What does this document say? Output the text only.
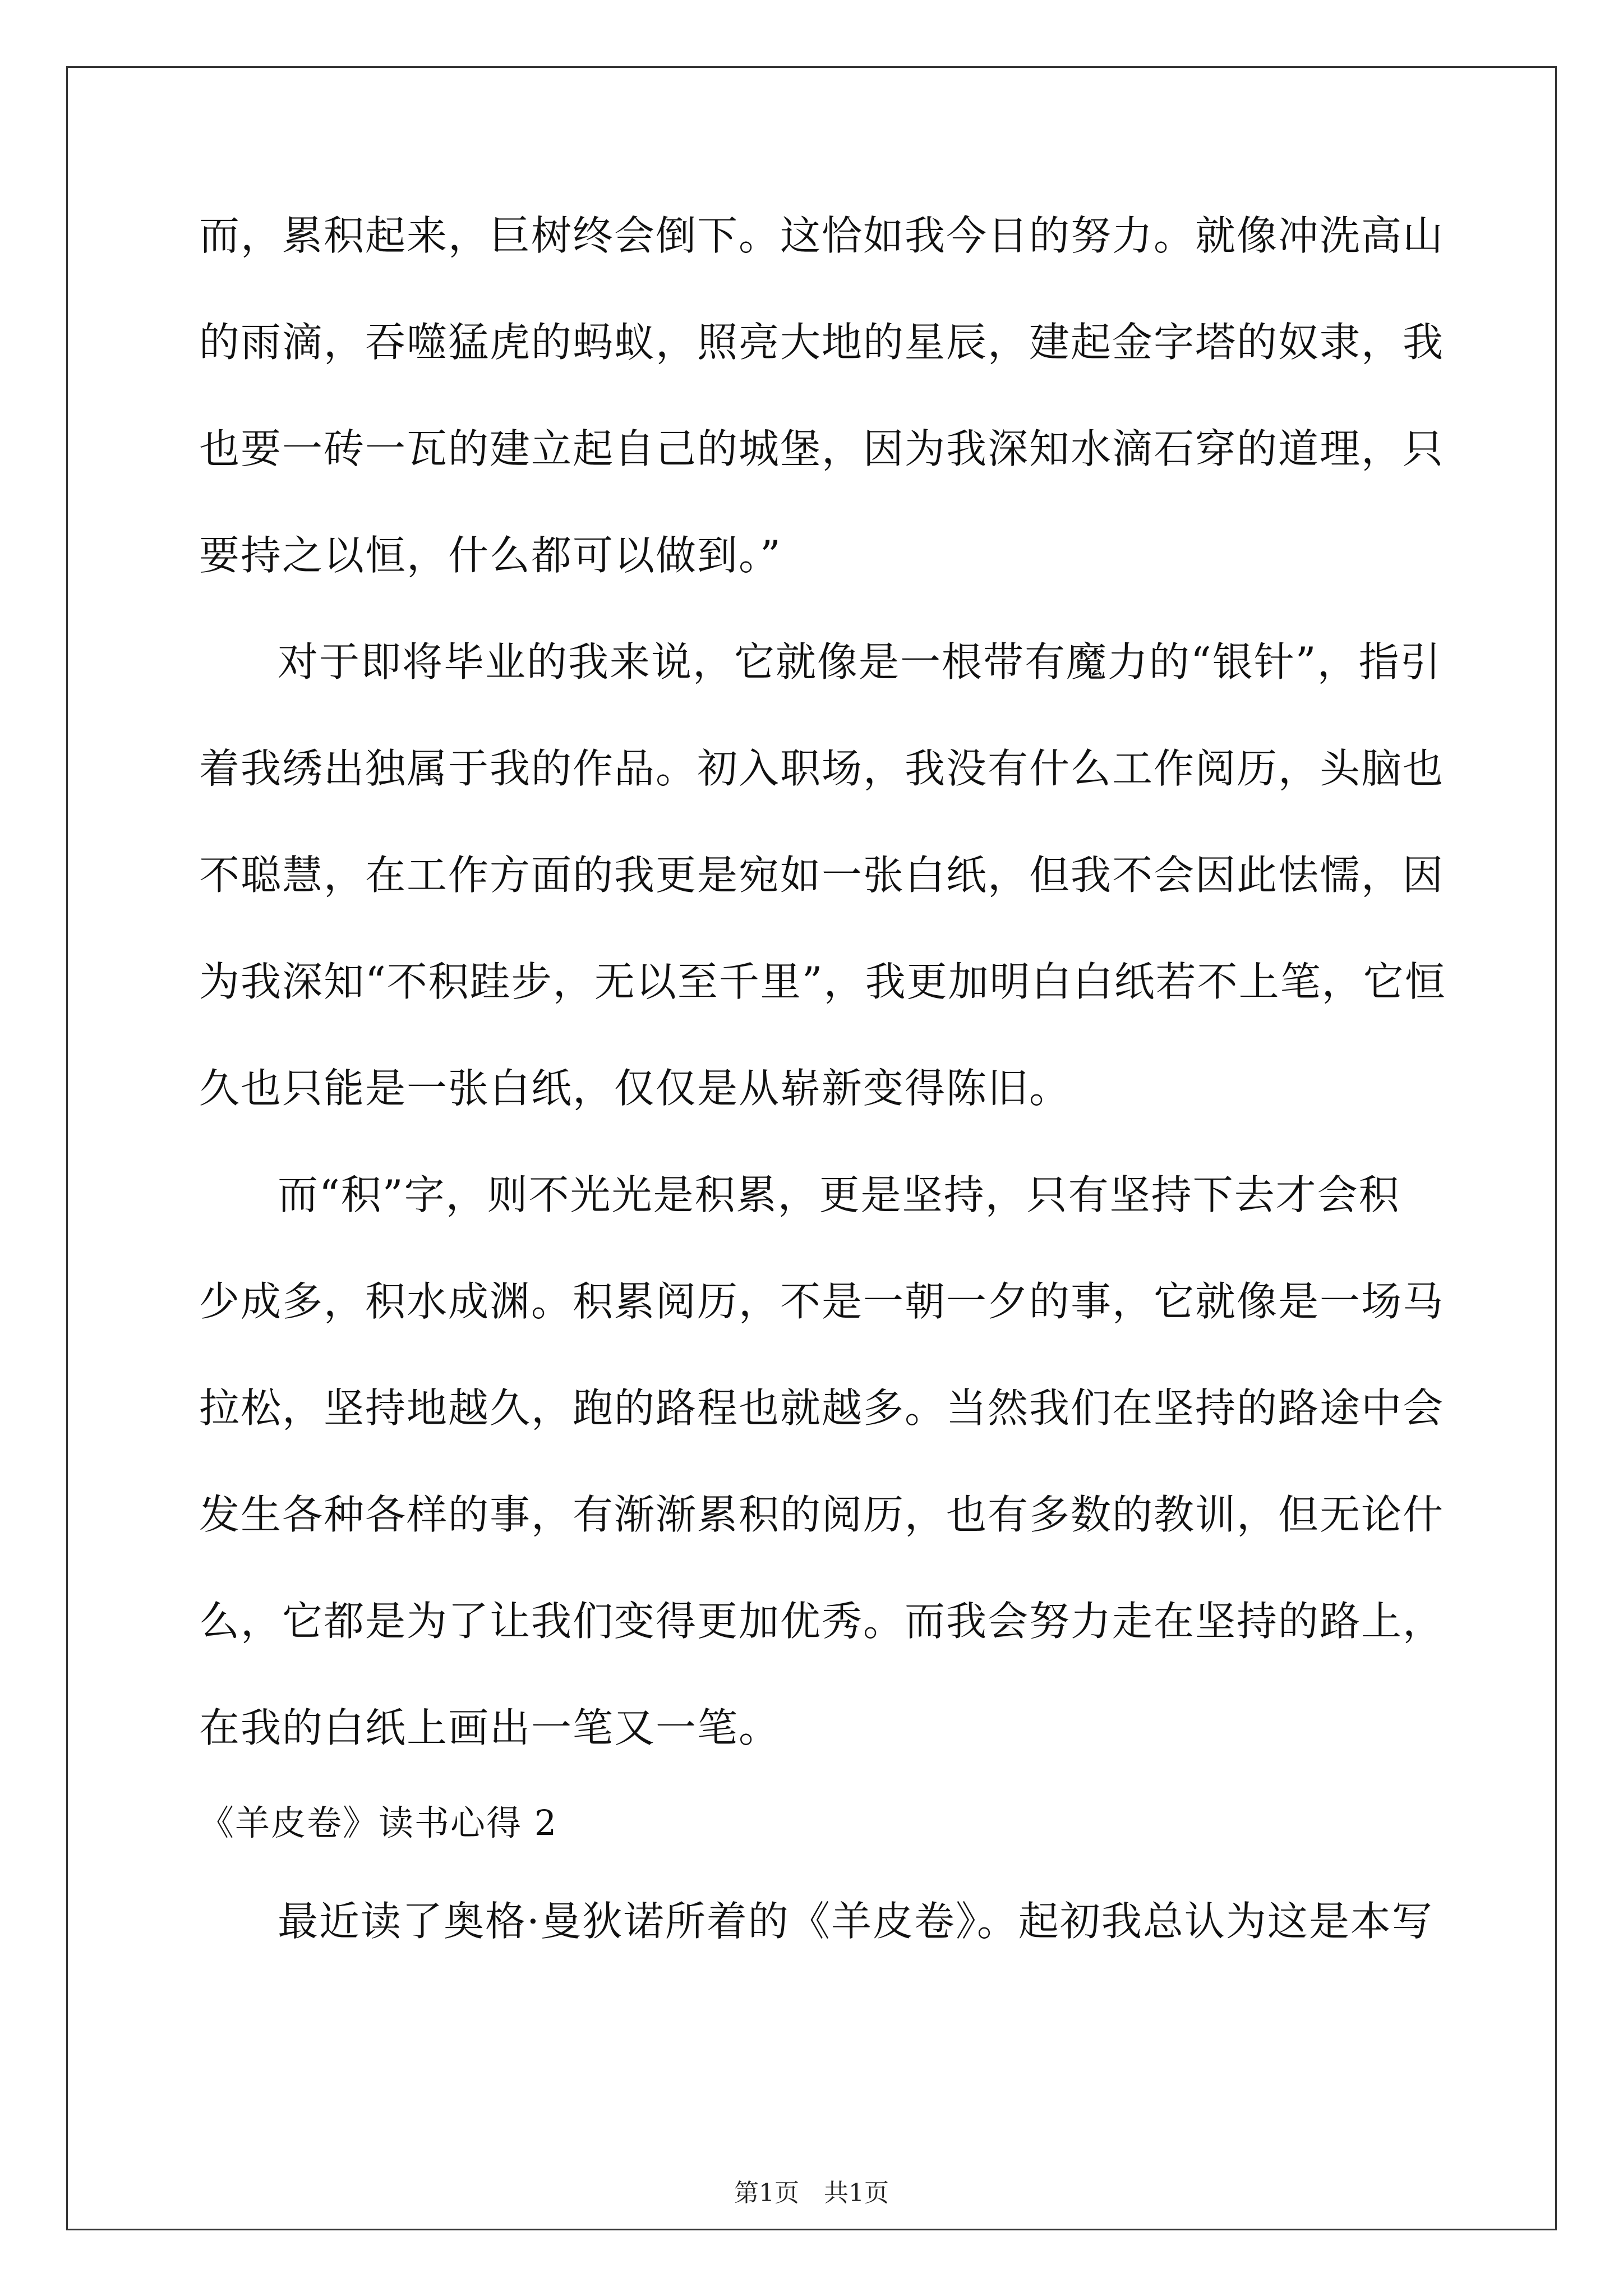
而，累积起来，巨树终会倒下。这恰如我今日的努力。就像冲洗高山
的雨滴，吞噬猛虎的蚂蚁，照亮大地的星辰，建起金字塔的奴隶，我
也要一砖一瓦的建立起自己的城堡，因为我深知水滴石穿的道理，只
要持之以恒，什么都可以做到。”
对于即将毕业的我来说，它就像是一根带有魔力的“银针”，指引
着我绣出独属于我的作品。初入职场，我没有什么工作阅历，头脑也
不聪慧，在工作方面的我更是宛如一张白纸，但我不会因此怯懦，因
为我深知“不积跬步，无以至千里”，我更加明白白纸若不上笔，它恒
久也只能是一张白纸，仅仅是从崭新变得陈旧。
而“积”字，则不光光是积累，更是坚持，只有坚持下去才会积
少成多，积水成渊。积累阅历，不是一朝一夕的事，它就像是一场马
拉松，坚持地越久，跑的路程也就越多。当然我们在坚持的路途中会
发生各种各样的事，有渐渐累积的阅历，也有多数的教训，但无论什
么，它都是为了让我们变得更加优秀。而我会努力走在坚持的路上，
在我的白纸上画出一笔又一笔。
《羊皮卷》读书心得 2
最近读了奥格·曼狄诺所着的《羊皮卷》。起初我总认为这是本写
第1页　共1页
